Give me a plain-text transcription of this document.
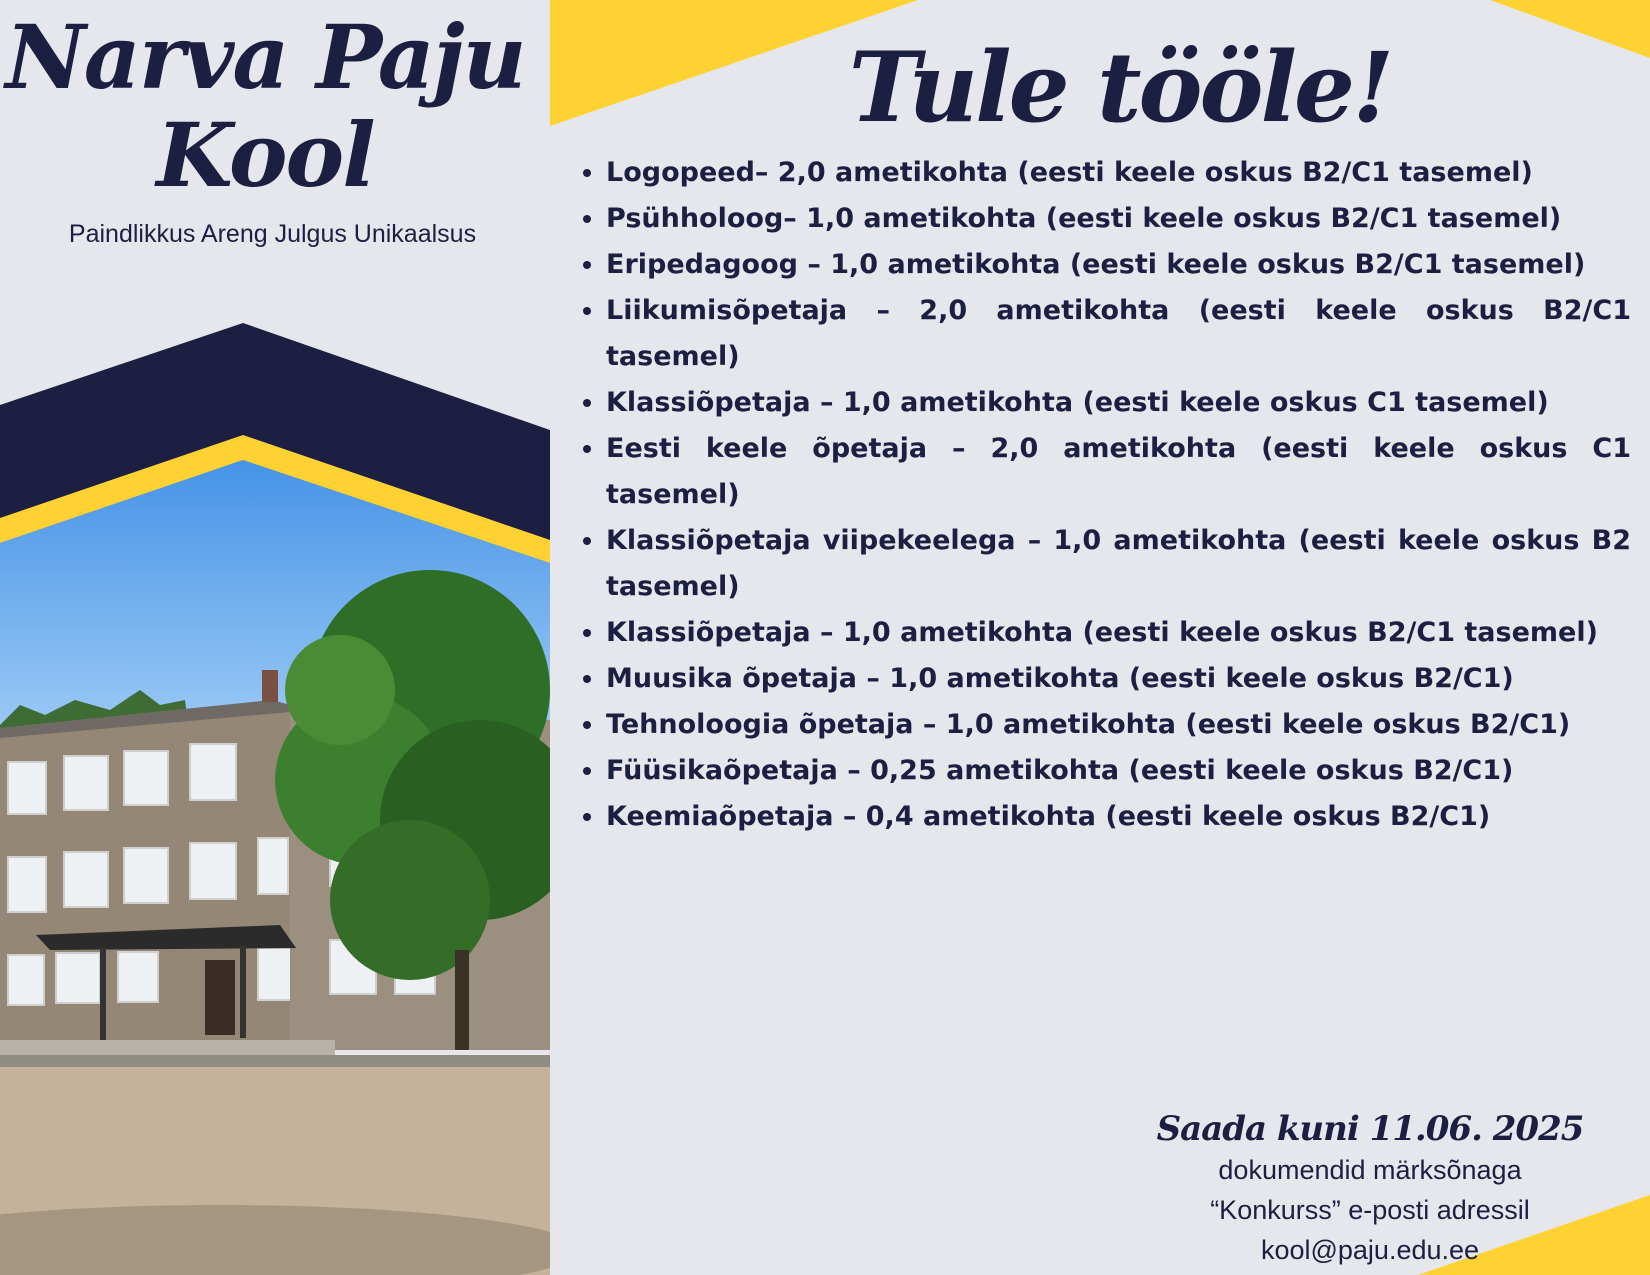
Narva Paju Kool

Paindlikkus Areng Julgus Unikaalsus

Tule tööle!
• Logopeed– 2,0 ametikohta (eesti keele oskus B2/C1 tasemel)
• Psühholoog– 1,0 ametikohta (eesti keele oskus B2/C1 tasemel)
• Eripedagoog – 1,0 ametikohta (eesti keele oskus B2/C1 tasemel)
• Liikumisõpetaja – 2,0 ametikohta (eesti keele oskus B2/C1 tasemel)
• Klassiõpetaja – 1,0 ametikohta (eesti keele oskus C1 tasemel)
• Eesti keele õpetaja – 2,0 ametikohta (eesti keele oskus C1 tasemel)
• Klassiõpetaja viipekeelega – 1,0 ametikohta (eesti keele oskus B2 tasemel)
• Klassiõpetaja – 1,0 ametikohta (eesti keele oskus B2/C1 tasemel)
• Muusika õpetaja – 1,0 ametikohta (eesti keele oskus B2/C1)
• Tehnoloogia õpetaja – 1,0 ametikohta (eesti keele oskus B2/C1)
• Füüsikaõpetaja – 0,25 ametikohta (eesti keele oskus B2/C1)
• Keemiaõpetaja – 0,4 ametikohta (eesti keele oskus B2/C1)

Saada kuni 11.06. 2025

dokumendid märksõnaga
“Konkurss” e-posti adressil
kool@paju.edu.ee
